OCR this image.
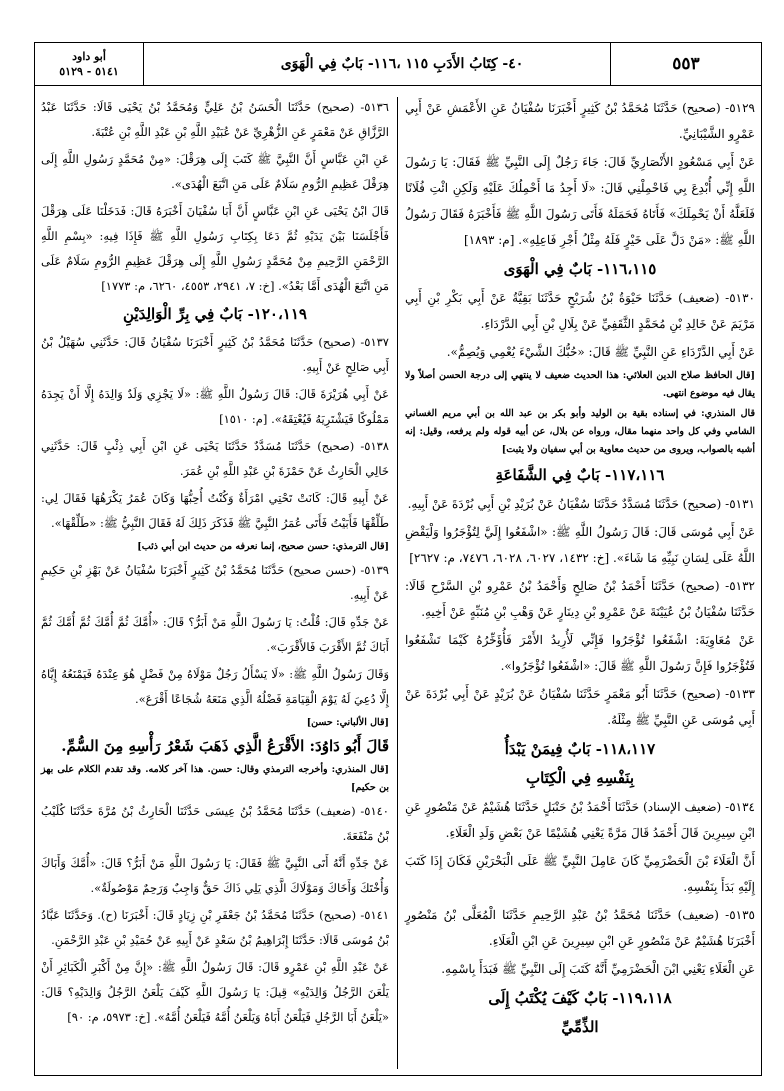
٥٥٣
٤٠- كِتَابُ الأَدَبِ ١١٥ ،١١٦- بَابٌ فِي الْهَوَى
أبو داود
٥١٤١ - ٥١٢٩

٥١٢٩- (صحيح) حَدَّثَنَا مُحَمَّدُ بْنُ كَثِيرٍ أَخْبَرَنَا سُفْيَانُ عَنِ الأَعْمَشِ عَنْ أَبِي عَمْرٍو الشَّيْبَانِيِّ.

عَنْ أَبِي مَسْعُودٍ الأَنْصَارِيِّ قَالَ: جَاءَ رَجُلٌ إِلَى النَّبِيِّ ﷺ فَقَالَ: يَا رَسُولَ اللَّهِ إِنِّي أُبْدِعَ بِي فَاحْمِلْنِي قَالَ: «لَا أَجِدُ مَا أَحْمِلُكَ عَلَيْهِ وَلَكِنِ ائْتِ فُلَانًا فَلَعَلَّهُ أَنْ يَحْمِلَكَ» فَأَتَاهُ فَحَمَلَهُ فَأَتَى رَسُولَ اللَّهِ ﷺ فَأَخْبَرَهُ فَقَالَ رَسُولُ اللَّهِ ﷺ: «مَنْ دَلَّ عَلَى خَيْرٍ فَلَهُ مِثْلُ أَجْرِ فَاعِلِهِ». [م: ١٨٩٣]

١١٦،١١٥- بَابٌ فِي الْهَوَى

٥١٣٠- (ضعيف) حَدَّثَنَا حَيْوَةُ بْنُ شُرَيْحٍ حَدَّثَنَا بَقِيَّةُ عَنْ أَبِي بَكْرِ بْنِ أَبِي مَرْيَمَ عَنْ خَالِدِ بْنِ مُحَمَّدٍ الثَّقَفِيِّ عَنْ بِلَالِ بْنِ أَبِي الدَّرْدَاءِ.

عَنْ أَبِي الدَّرْدَاءِ عَنِ النَّبِيِّ ﷺ قَالَ: «حُبُّكَ الشَّيْءَ يُعْمِي وَيُصِمُّ».

[قال الحافظ صلاح الدين العلائي: هذا الحديث ضعيف لا ينتهي إلى درجة الحسن أصلاً ولا يقال فيه موضوع انتهى.

قال المنذري: في إسناده بقية بن الوليد وأبو بكر بن عبد الله بن أبي مريم الغساني الشامي وفي كل واحد منهما مقال، ورواه عن بلال، عن أبيه قوله ولم يرفعه، وقيل: إنه أشبه بالصواب، ويروى من حديث معاوية بن أبي سفيان ولا يثبت]

١١٧،١١٦- بَابٌ فِي الشَّفَاعَةِ

٥١٣١- (صحيح) حَدَّثَنَا مُسَدَّدٌ حَدَّثَنَا سُفْيَانُ عَنْ بُرَيْدِ بْنِ أَبِي بُرْدَةَ عَنْ أَبِيهِ.

عَنْ أَبِي مُوسَى قَالَ: قَالَ رَسُولُ اللَّهِ ﷺ: «اشْفَعُوا إِلَيَّ لِتُؤْجَرُوا وَلْيَقْضِ اللَّهُ عَلَى لِسَانِ نَبِيِّهِ مَا شَاءَ». [خ: ١٤٣٢، ٦٠٢٧، ٦٠٢٨، ٧٤٧٦، م: ٢٦٢٧]

٥١٣٢- (صحيح) حَدَّثَنَا أَحْمَدُ بْنُ صَالِحٍ وَأَحْمَدُ بْنُ عَمْرِو بْنِ السَّرْحِ قَالَا: حَدَّثَنَا سُفْيَانُ بْنُ عُيَيْنَةَ عَنْ عَمْرِو بْنِ دِينَارٍ عَنْ وَهْبِ بْنِ مُنَبِّهٍ عَنْ أَخِيهِ.

عَنْ مُعَاوِيَةَ: اشْفَعُوا تُؤْجَرُوا فَإِنِّي لَأُرِيدُ الأَمْرَ فَأُؤَخِّرُهُ كَيْمَا تَشْفَعُوا فَتُؤْجَرُوا فَإِنَّ رَسُولَ اللَّهِ ﷺ قَالَ: «اشْفَعُوا تُؤْجَرُوا».

٥١٣٣- (صحيح) حَدَّثَنَا أَبُو مَعْمَرٍ حَدَّثَنَا سُفْيَانُ عَنْ بُرَيْدٍ عَنْ أَبِي بُرْدَةَ عَنْ أَبِي مُوسَى عَنِ النَّبِيِّ ﷺ مِثْلَهُ.

١١٨،١١٧- بَابٌ فِيمَنْ يَبْدَأُ

بِنَفْسِهِ فِي الْكِتَابِ

٥١٣٤- (ضعيف الإسناد) حَدَّثَنَا أَحْمَدُ بْنُ حَنْبَلٍ حَدَّثَنَا هُشَيْمٌ عَنْ مَنْصُورٍ عَنِ ابْنِ سِيرِينَ قَالَ أَحْمَدُ قَالَ مَرَّةً يَعْنِي هُشَيْمًا عَنْ بَعْضِ وَلَدِ الْعَلَاءِ.

أَنَّ الْعَلَاءَ بْنَ الْحَضْرَمِيِّ كَانَ عَامِلَ النَّبِيِّ ﷺ عَلَى الْبَحْرَيْنِ فَكَانَ إِذَا كَتَبَ إِلَيْهِ بَدَأَ بِنَفْسِهِ.

٥١٣٥- (ضعيف) حَدَّثَنَا مُحَمَّدُ بْنُ عَبْدِ الرَّحِيمِ حَدَّثَنَا الْمُعَلَّى بْنُ مَنْصُورٍ أَخْبَرَنَا هُشَيْمٌ عَنْ مَنْصُورٍ عَنِ ابْنِ سِيرِينَ عَنِ ابْنِ الْعَلَاءِ.

عَنِ الْعَلَاءِ يَعْنِي ابْنَ الْحَضْرَمِيِّ أَنَّهُ كَتَبَ إِلَى النَّبِيِّ ﷺ فَبَدَأَ بِاسْمِهِ.

١١٩،١١٨- بَابٌ كَيْفَ يُكْتَبُ إِلَى

الذِّمِّيِّ

٥١٣٦- (صحيح) حَدَّثَنَا الْحَسَنُ بْنُ عَلِيٍّ وَمُحَمَّدُ بْنُ يَحْيَى قَالَا: حَدَّثَنَا عَبْدُ الرَّزَّاقِ عَنْ مَعْمَرٍ عَنِ الزُّهْرِيِّ عَنْ عُبَيْدِ اللَّهِ بْنِ عَبْدِ اللَّهِ بْنِ عُتْبَةَ.

عَنِ ابْنِ عَبَّاسٍ أَنَّ النَّبِيَّ ﷺ كَتَبَ إِلَى هِرَقْلَ: «مِنْ مُحَمَّدٍ رَسُولِ اللَّهِ إِلَى هِرَقْلَ عَظِيمِ الرُّومِ سَلَامٌ عَلَى مَنِ اتَّبَعَ الْهُدَى».

قَالَ ابْنُ يَحْيَى عَنِ ابْنِ عَبَّاسٍ أَنَّ أَبَا سُفْيَانَ أَخْبَرَهُ قَالَ: فَدَخَلْنَا عَلَى هِرَقْلَ فَأَجْلَسَنَا بَيْنَ يَدَيْهِ ثُمَّ دَعَا بِكِتَابِ رَسُولِ اللَّهِ ﷺ فَإِذَا فِيهِ: «بِسْمِ اللَّهِ الرَّحْمَنِ الرَّحِيمِ مِنْ مُحَمَّدٍ رَسُولِ اللَّهِ إِلَى هِرَقْلَ عَظِيمِ الرُّومِ سَلَامٌ عَلَى مَنِ اتَّبَعَ الْهُدَى أَمَّا بَعْدُ». [خ: ٧، ٢٩٤١، ٤٥٥٣، ٦٢٦٠، م: ١٧٧٣]

١٢٠،١١٩- بَابٌ فِي بِرِّ الْوَالِدَيْنِ

٥١٣٧- (صحيح) حَدَّثَنَا مُحَمَّدُ بْنُ كَثِيرٍ أَخْبَرَنَا سُفْيَانُ قَالَ: حَدَّثَنِي سُهَيْلُ بْنُ أَبِي صَالِحٍ عَنْ أَبِيهِ.

عَنْ أَبِي هُرَيْرَةَ قَالَ: قَالَ رَسُولُ اللَّهِ ﷺ: «لَا يَجْزِي وَلَدٌ وَالِدَهُ إِلَّا أَنْ يَجِدَهُ مَمْلُوكًا فَيَشْتَرِيَهُ فَيُعْتِقَهُ». [م: ١٥١٠]

٥١٣٨- (صحيح) حَدَّثَنَا مُسَدَّدٌ حَدَّثَنَا يَحْيَى عَنِ ابْنِ أَبِي ذِئْبٍ قَالَ: حَدَّثَنِي خَالِي الْحَارِثُ عَنْ حَمْزَةَ بْنِ عَبْدِ اللَّهِ بْنِ عُمَرَ.

عَنْ أَبِيهِ قَالَ: كَانَتْ تَحْتِي امْرَأَةٌ وَكُنْتُ أُحِبُّهَا وَكَانَ عُمَرُ يَكْرَهُهَا فَقَالَ لِي: طَلِّقْهَا فَأَبَيْتُ فَأَتَى عُمَرُ النَّبِيَّ ﷺ فَذَكَرَ ذَلِكَ لَهُ فَقَالَ النَّبِيُّ ﷺ: «طَلِّقْهَا».

[قال الترمذي: حسن صحيح، إنما نعرفه من حديث ابن أبي ذئب]

٥١٣٩- (حسن صحيح) حَدَّثَنَا مُحَمَّدُ بْنُ كَثِيرٍ أَخْبَرَنَا سُفْيَانُ عَنْ بَهْزِ بْنِ حَكِيمٍ عَنْ أَبِيهِ.

عَنْ جَدِّهِ قَالَ: قُلْتُ: يَا رَسُولَ اللَّهِ مَنْ أَبَرُّ؟ قَالَ: «أُمَّكَ ثُمَّ أُمَّكَ ثُمَّ أُمَّكَ ثُمَّ أَبَاكَ ثُمَّ الأَقْرَبَ فَالأَقْرَبَ».

وَقَالَ رَسُولُ اللَّهِ ﷺ: «لَا يَسْأَلُ رَجُلٌ مَوْلَاهُ مِنْ فَضْلٍ هُوَ عِنْدَهُ فَيَمْنَعُهُ إِيَّاهُ إِلَّا دُعِيَ لَهُ يَوْمَ الْقِيَامَةِ فَضْلُهُ الَّذِي مَنَعَهُ شُجَاعًا أَقْرَعَ».

[قال الألباني: حسن]

قَالَ أَبُو دَاوُدَ: الأَقْرَعُ الَّذِي ذَهَبَ شَعْرُ رَأْسِهِ مِنَ السُّمِّ.

[قال المنذري: وأخرجه الترمذي وقال: حسن. هذا آخر كلامه. وقد تقدم الكلام على بهز بن حكيم]

٥١٤٠- (ضعيف) حَدَّثَنَا مُحَمَّدُ بْنُ عِيسَى حَدَّثَنَا الْحَارِثُ بْنُ مُرَّةَ حَدَّثَنَا كُلَيْبُ بْنُ مَنْفَعَةَ.

عَنْ جَدِّهِ أَنَّهُ أَتَى النَّبِيَّ ﷺ فَقَالَ: يَا رَسُولَ اللَّهِ مَنْ أَبَرُّ؟ قَالَ: «أُمَّكَ وَأَبَاكَ وَأُخْتَكَ وَأَخَاكَ وَمَوْلَاكَ الَّذِي يَلِي ذَاكَ حَقٌّ وَاجِبٌ وَرَحِمٌ مَوْصُولَةٌ».

٥١٤١- (صحيح) حَدَّثَنَا مُحَمَّدُ بْنُ جَعْفَرِ بْنِ زِيَادٍ قَالَ: أَخْبَرَنَا (ح). وَحَدَّثَنَا عَبَّادُ بْنُ مُوسَى قَالَا: حَدَّثَنَا إِبْرَاهِيمُ بْنُ سَعْدٍ عَنْ أَبِيهِ عَنْ حُمَيْدِ بْنِ عَبْدِ الرَّحْمَنِ.

عَنْ عَبْدِ اللَّهِ بْنِ عَمْرٍو قَالَ: قَالَ رَسُولُ اللَّهِ ﷺ: «إِنَّ مِنْ أَكْبَرِ الْكَبَائِرِ أَنْ يَلْعَنَ الرَّجُلُ وَالِدَيْهِ» قِيلَ: يَا رَسُولَ اللَّهِ كَيْفَ يَلْعَنُ الرَّجُلُ وَالِدَيْهِ؟ قَالَ: «يَلْعَنُ أَبَا الرَّجُلِ فَيَلْعَنُ أَبَاهُ وَيَلْعَنُ أُمَّهُ فَيَلْعَنُ أُمَّهُ». [خ: ٥٩٧٣، م: ٩٠]
